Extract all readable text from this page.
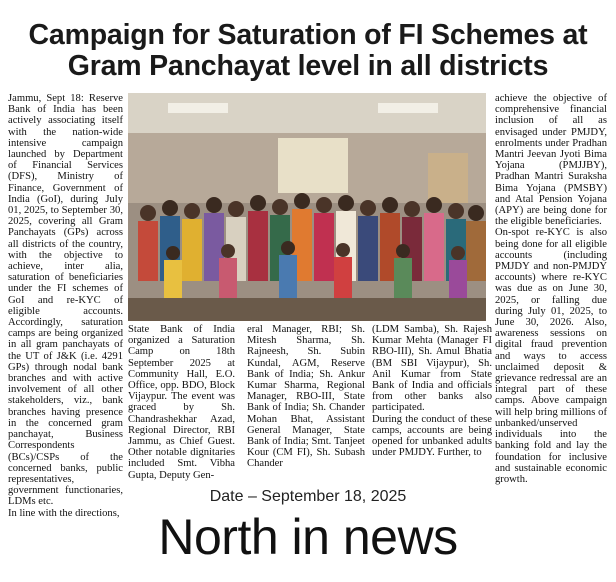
Campaign for Saturation of FI Schemes at
Gram Panchayat level in all districts

Jammu, Sept 18: Reserve Bank of India has been actively associating itself with the nation-wide intensive campaign launched by Department of Financial Services (DFS), Ministry of Finance, Government of India (GoI), during July 01, 2025, to September 30, 2025, covering all Gram Panchayats (GPs) across all districts of the country, with the objective to achieve, inter alia, saturation of beneficiaries under the FI schemes of GoI and re-KYC of eligible accounts. Accordingly, saturation camps are being organized in all gram panchayats of the UT of J&K (i.e. 4291 GPs) through nodal bank branches and with active involvement of all other stakeholders, viz., bank branches having presence in the concerned gram panchayat, Business Correspondents (BCs)/CSPs of the concerned banks, public representatives, government functionaries, LDMs etc.

In line with the directions,

State Bank of India organized a Saturation Camp on 18th September 2025 at Community Hall, E.O. Office, opp. BDO, Block Vijaypur. The event was graced by Sh. Chandrashekhar Azad, Regional Director, RBI Jammu, as Chief Guest. Other notable dignitaries included Smt. Vibha Gupta, Deputy Gen-

eral Manager, RBI; Sh. Mitesh Sharma, Sh. Rajneesh, Sh. Subin Kundal, AGM, Reserve Bank of India; Sh. Ankur Kumar Sharma, Regional Manager, RBO-III, State Bank of India; Sh. Chander Mohan Bhat, Assistant General Manager, State Bank of India; Smt. Tanjeet Kour (CM FI), Sh. Subash Chander

(LDM Samba), Sh. Rajesh Kumar Mehta (Manager FI RBO-III), Sh. Amul Bhatia (BM SBI Vijaypur), Sh. Anil Kumar from State Bank of India and officials from other banks also participated.

During the conduct of these camps, accounts are being opened for unbanked adults under PMJDY. Further, to

achieve the objective of comprehensive financial inclusion of all as envisaged under PMJDY, enrolments under Pradhan Mantri Jeevan Jyoti Bima Yojana (PMJJBY), Pradhan Mantri Suraksha Bima Yojana (PMSBY) and Atal Pension Yojana (APY) are being done for the eligible beneficiaries.

On-spot re-KYC is also being done for all eligible accounts (including PMJDY and non-PMJDY accounts) where re-KYC was due as on June 30, 2025, or falling due during July 01, 2025, to June 30, 2026. Also, awareness sessions on digital fraud prevention and ways to access unclaimed deposit & grievance redressal are an integral part of these camps. Above campaign will help bring millions of unbanked/unserved individuals into the banking fold and lay the foundation for inclusive and sustainable economic growth.

Date – September 18, 2025
North in news
